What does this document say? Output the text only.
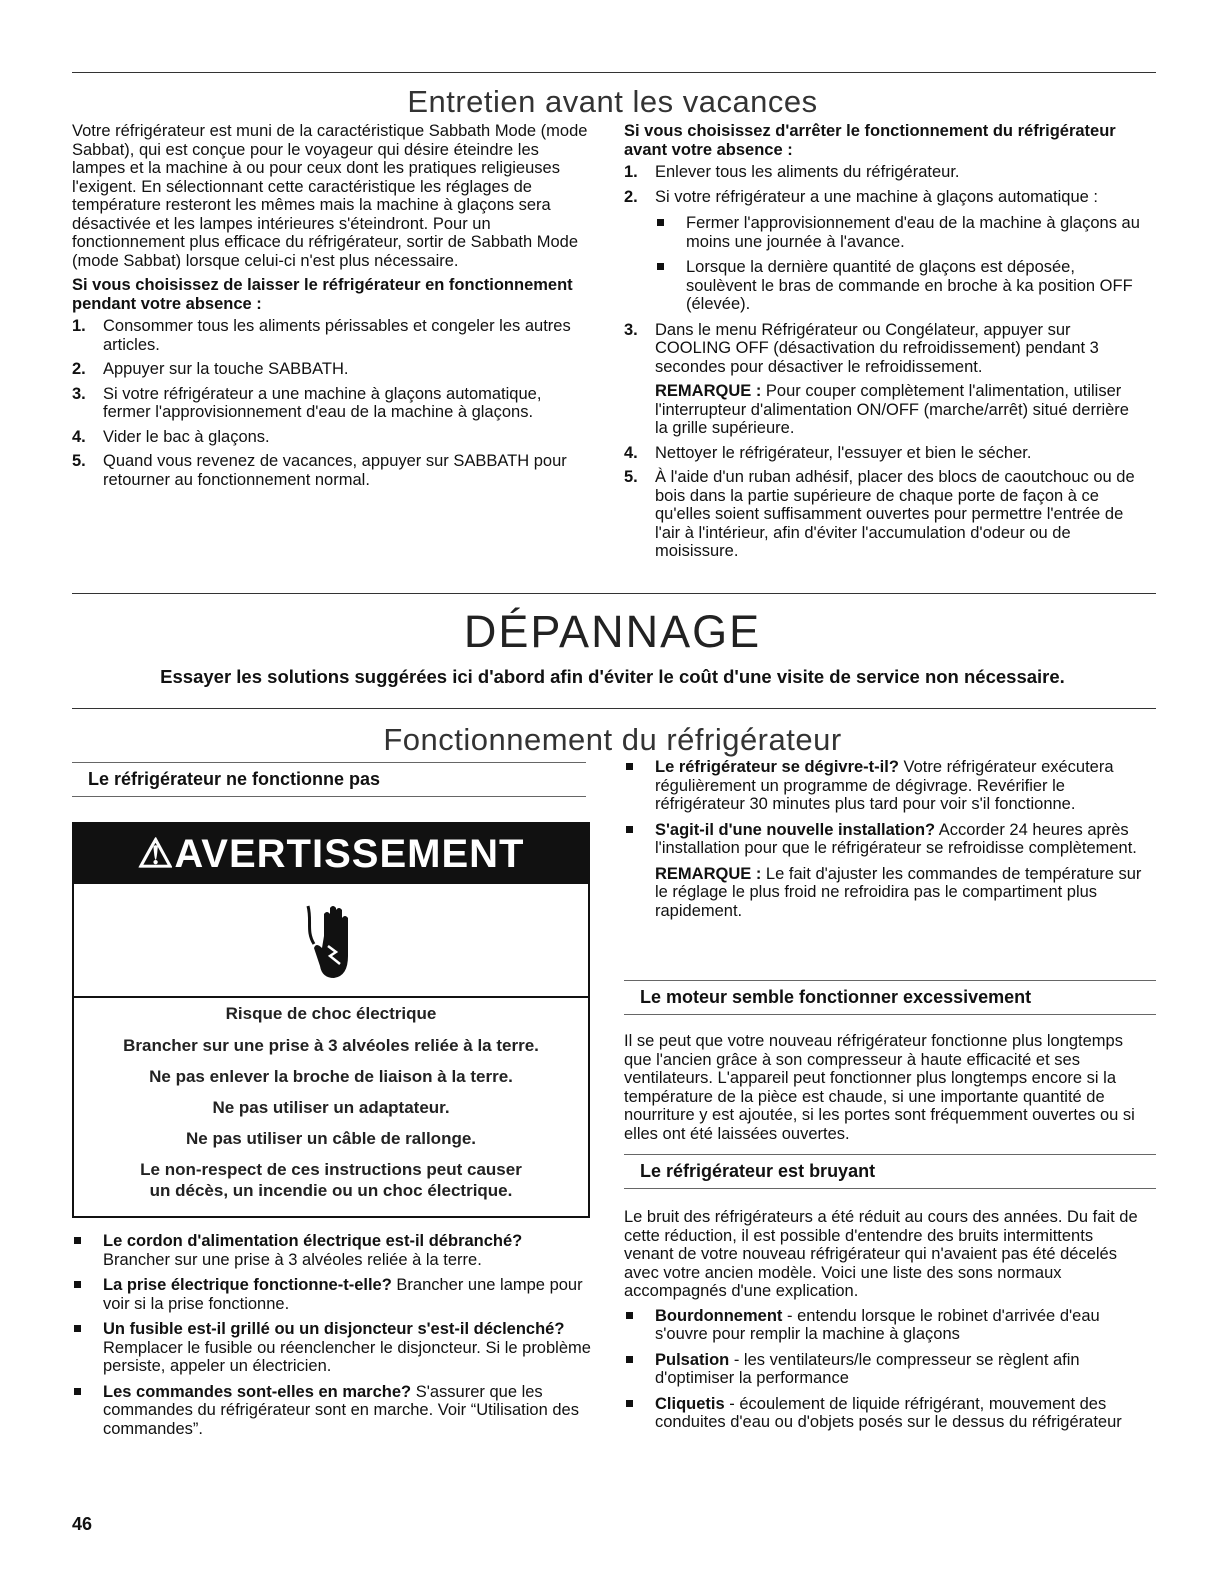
Entretien avant les vacances

Votre réfrigérateur est muni de la caractéristique Sabbath Mode (mode Sabbat), qui est conçue pour le voyageur qui désire éteindre les lampes et la machine à ou pour ceux dont les pratiques religieuses l'exigent. En sélectionnant cette caractéristique les réglages de température resteront les mêmes mais la machine à glaçons sera désactivée et les lampes intérieures s'éteindront. Pour un fonctionnement plus efficace du réfrigérateur, sortir de Sabbath Mode (mode Sabbat) lorsque celui-ci n'est plus nécessaire.

Si vous choisissez de laisser le réfrigérateur en fonctionnement pendant votre absence :

1. Consommer tous les aliments périssables et congeler les autres articles.
2. Appuyer sur la touche SABBATH.
3. Si votre réfrigérateur a une machine à glaçons automatique, fermer l'approvisionnement d'eau de la machine à glaçons.
4. Vider le bac à glaçons.
5. Quand vous revenez de vacances, appuyer sur SABBATH pour retourner au fonctionnement normal.

Si vous choisissez d'arrêter le fonctionnement du réfrigérateur avant votre absence :

1. Enlever tous les aliments du réfrigérateur.
2. Si votre réfrigérateur a une machine à glaçons automatique :
Fermer l'approvisionnement d'eau de la machine à glaçons au moins une journée à l'avance.
Lorsque la dernière quantité de glaçons est déposée, soulèvent le bras de commande en broche à ka position OFF (élevée).
3. Dans le menu Réfrigérateur ou Congélateur, appuyer sur COOLING OFF (désactivation du refroidissement) pendant 3 secondes pour désactiver le refroidissement.

REMARQUE : Pour couper complètement l'alimentation, utiliser l'interrupteur d'alimentation ON/OFF (marche/arrêt) situé derrière la grille supérieure.

4. Nettoyer le réfrigérateur, l'essuyer et bien le sécher.
5. À l'aide d'un ruban adhésif, placer des blocs de caoutchouc ou de bois dans la partie supérieure de chaque porte de façon à ce qu'elles soient suffisamment ouvertes pour permettre l'entrée de l'air à l'intérieur, afin d'éviter l'accumulation d'odeur ou de moisissure.
DÉPANNAGE
Essayer les solutions suggérées ici d'abord afin d'éviter le coût d'une visite de service non nécessaire.
Fonctionnement du réfrigérateur
Le réfrigérateur ne fonctionne pas
⚠AVERTISSEMENT
Risque de choc électrique
Brancher sur une prise à 3 alvéoles reliée à la terre.
Ne pas enlever la broche de liaison à la terre.
Ne pas utiliser un adaptateur.
Ne pas utiliser un câble de rallonge.
Le non-respect de ces instructions peut causer
un décès, un incendie ou un choc électrique.
Le cordon d'alimentation électrique est-il débranché? Brancher sur une prise à 3 alvéoles reliée à la terre.
La prise électrique fonctionne-t-elle? Brancher une lampe pour voir si la prise fonctionne.
Un fusible est-il grillé ou un disjoncteur s'est-il déclenché? Remplacer le fusible ou réenclencher le disjoncteur. Si le problème persiste, appeler un électricien.
Les commandes sont-elles en marche? S'assurer que les commandes du réfrigérateur sont en marche. Voir “Utilisation des commandes”.
Le réfrigérateur se dégivre-t-il? Votre réfrigérateur exécutera régulièrement un programme de dégivrage. Revérifier le réfrigérateur 30 minutes plus tard pour voir s'il fonctionne.
S'agit-il d'une nouvelle installation? Accorder 24 heures après l'installation pour que le réfrigérateur se refroidisse complètement.

REMARQUE : Le fait d'ajuster les commandes de température sur le réglage le plus froid ne refroidira pas le compartiment plus rapidement.

Le moteur semble fonctionner excessivement

Il se peut que votre nouveau réfrigérateur fonctionne plus longtemps que l'ancien grâce à son compresseur à haute efficacité et ses ventilateurs. L'appareil peut fonctionner plus longtemps encore si la température de la pièce est chaude, si une importante quantité de nourriture y est ajoutée, si les portes sont fréquemment ouvertes ou si elles ont été laissées ouvertes.

Le réfrigérateur est bruyant

Le bruit des réfrigérateurs a été réduit au cours des années. Du fait de cette réduction, il est possible d'entendre des bruits intermittents venant de votre nouveau réfrigérateur qui n'avaient pas été décelés avec votre ancien modèle. Voici une liste des sons normaux accompagnés d'une explication.

Bourdonnement - entendu lorsque le robinet d'arrivée d'eau s'ouvre pour remplir la machine à glaçons
Pulsation - les ventilateurs/le compresseur se règlent afin d'optimiser la performance
Cliquetis - écoulement de liquide réfrigérant, mouvement des conduites d'eau ou d'objets posés sur le dessus du réfrigérateur
46
